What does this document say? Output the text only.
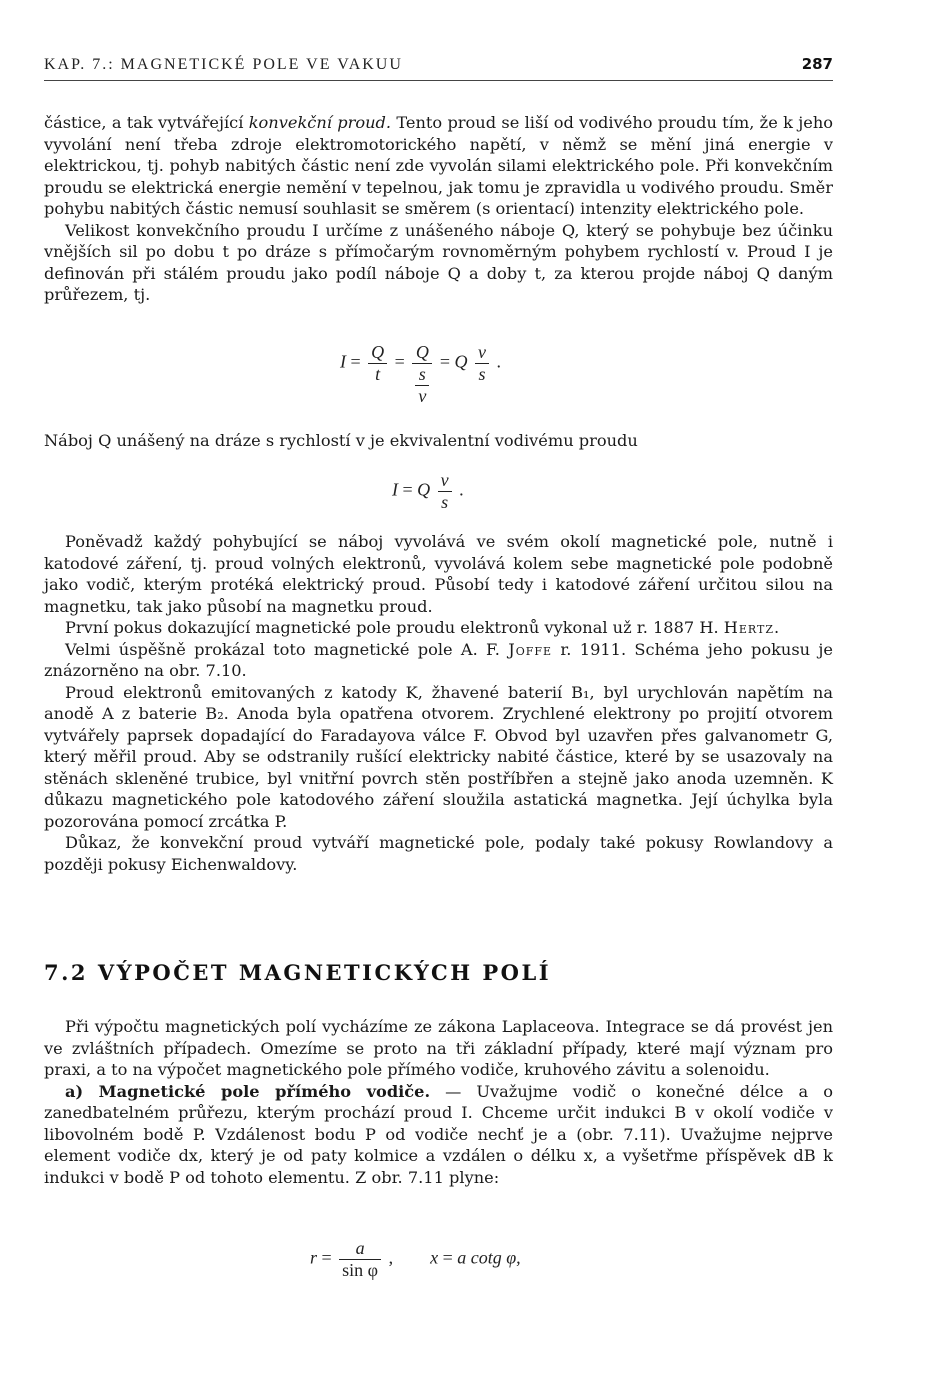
KAP. 7.: MAGNETICKÉ POLE VE VAKUU	287

částice, a tak vytvářející konvekční proud. Tento proud se liší od vodivého proudu tím, že k jeho vyvolání není třeba zdroje elektromotorického napětí, v němž se mění jiná energie v elektrickou, tj. pohyb nabitých částic není zde vyvolán silami elektrického pole. Při konvekčním proudu se elektrická energie nemění v tepelnou, jak tomu je zpravidla u vodivého proudu. Směr pohybu nabitých částic nemusí souhlasit se směrem (s orientací) intenzity elektrického pole.

Velikost konvekčního proudu I určíme z unášeného náboje Q, který se pohybuje bez účinku vnějších sil po dobu t po dráze s přímočarým rovnoměrným pohybem rychlostí v. Proud I je definován při stálém proudu jako podíl náboje Q a doby t, za kterou projde náboj Q daným průřezem, tj.

$I = \frac{Q}{t} = \frac{Q}{\frac{s}{v}} = Q \frac{v}{s}$ .

Náboj Q unášený na dráze s rychlostí v je ekvivalentní vodivému proudu

I = Q $\frac{v}{s}$ .

Poněvadž každý pohybující se náboj vyvolává ve svém okolí magnetické pole, nutně i katodové záření, tj. proud volných elektronů, vyvolává kolem sebe magnetické pole podobně jako vodič, kterým protéká elektrický proud. Působí tedy i katodové záření určitou silou na magnetku, tak jako působí na magnetku proud.

První pokus dokazující magnetické pole proudu elektronů vykonal už r. 1887 H. Hertz.

Velmi úspěšně prokázal toto magnetické pole A. F. Joffe r. 1911. Schéma jeho pokusu je znázorněno na obr. 7.10.

Proud elektronů emitovaných z katody K, žhavené baterií B₁, byl urychlován napětím na anodě A z baterie B₂. Anoda byla opatřena otvorem. Zrychlené elektrony po projití otvorem vytvářely paprsek dopadající do Faradayova válce F. Obvod byl uzavřen přes galvanometr G, který měřil proud. Aby se odstranily rušící elektricky nabité částice, které by se usazovaly na stěnách skleněné trubice, byl vnitřní povrch stěn postříbřen a stejně jako anoda uzemněn. K důkazu magnetického pole katodového záření sloužila astatická magnetka. Její úchylka byla pozorována pomocí zrcátka P.

Důkaz, že konvekční proud vytváří magnetické pole, podaly také pokusy Rowlandovy a později pokusy Eichenwaldovy.

7.2 VÝPOČET MAGNETICKÝCH POLÍ

Při výpočtu magnetických polí vycházíme ze zákona Laplaceova. Integrace se dá provést jen ve zvláštních případech. Omezíme se proto na tři základní případy, které mají význam pro praxi, a to na výpočet magnetického pole přímého vodiče, kruhového závitu a solenoidu.

a) Magnetické pole přímého vodiče. — Uvažujme vodič o konečné délce a o zanedbatelném průřezu, kterým prochází proud I. Chceme určit indukci B v okolí vodiče v libovolném bodě P. Vzdálenost bodu P od vodiče nechť je a (obr. 7.11). Uvažujme nejprve element vodiče dx, který je od paty kolmice a vzdálen o délku x, a vyšetřme příspěvek dB k indukci v bodě P od tohoto elementu. Z obr. 7.11 plyne:

$r = \frac{a}{\text{sin φ}}$ , x = a cotg φ,
